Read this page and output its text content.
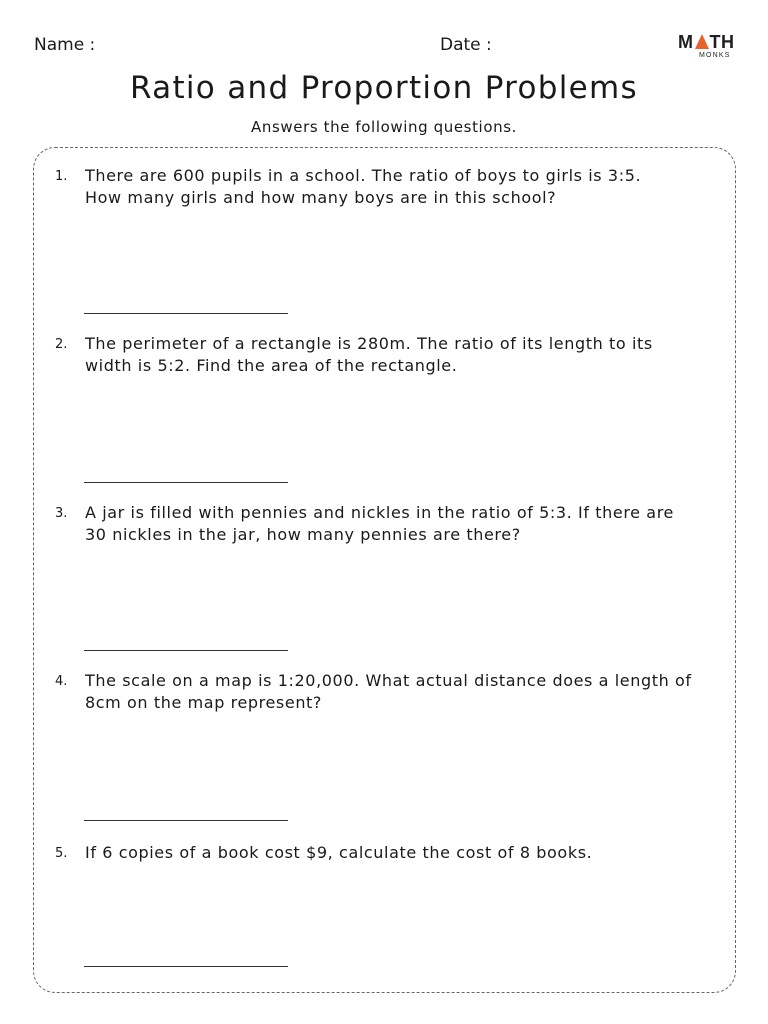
Name :	Date :	M TH
MONKS
Ratio and Proportion Problems
Answers the following questions.
1. There are 600 pupils in a school. The ratio of boys to girls is 3:5.
How many girls and how many boys are in this school?
2. The perimeter of a rectangle is 280m. The ratio of its length to its
width is 5:2. Find the area of the rectangle.
3. A jar is filled with pennies and nickles in the ratio of 5:3. If there are
30 nickles in the jar, how many pennies are there?
4. The scale on a map is 1:20,000. What actual distance does a length of
8cm on the map represent?
5. If 6 copies of a book cost $9, calculate the cost of 8 books.
